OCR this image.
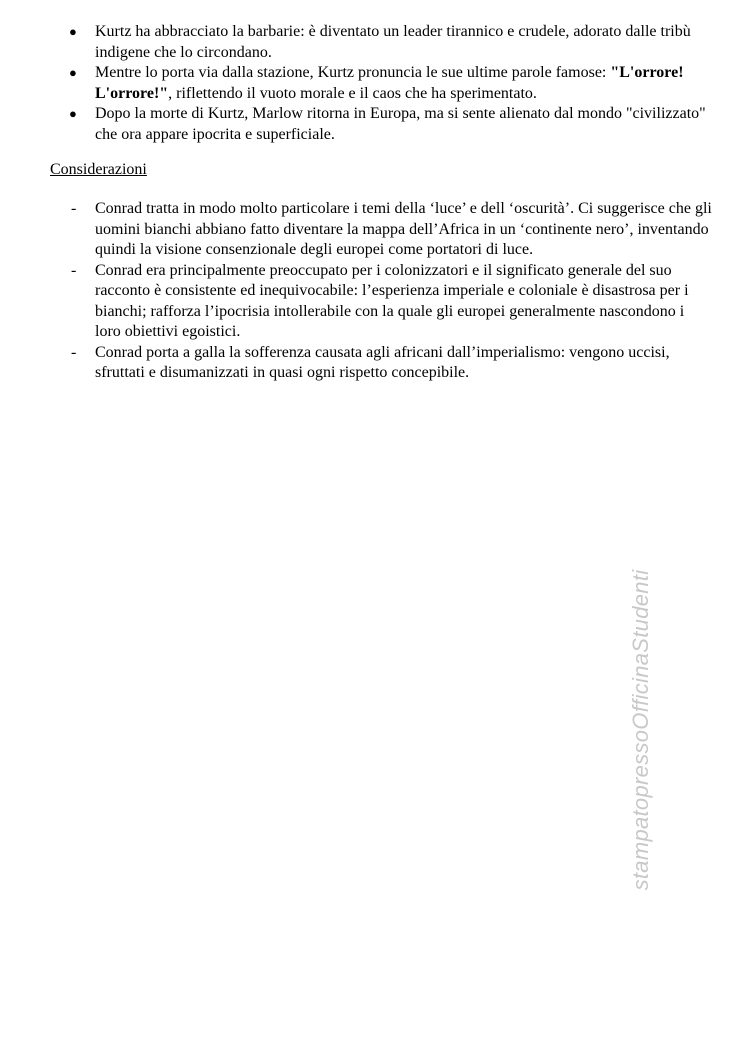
● Kurtz ha abbracciato la barbarie: è diventato un leader tirannico e crudele, adorato dalle tribù indigene che lo circondano.
● Mentre lo porta via dalla stazione, Kurtz pronuncia le sue ultime parole famose: "L'orrore! L'orrore!", riflettendo il vuoto morale e il caos che ha sperimentato.
● Dopo la morte di Kurtz, Marlow ritorna in Europa, ma si sente alienato dal mondo "civilizzato" che ora appare ipocrita e superficiale.
Considerazioni
- Conrad tratta in modo molto particolare i temi della ‘luce’ e dell ‘oscurità’. Ci suggerisce che gli uomini bianchi abbiano fatto diventare la mappa dell’Africa in un ‘continente nero’, inventando quindi la visione consenzionale degli europei come portatori di luce.
- Conrad era principalmente preoccupato per i colonizzatori e il significato generale del suo racconto è consistente ed inequivocabile: l’esperienza imperiale e coloniale è disastrosa per i bianchi; rafforza l’ipocrisia intollerabile con la quale gli europei generalmente nascondono i loro obiettivi egoistici.
- Conrad porta a galla la sofferenza causata agli africani dall’imperialismo: vengono uccisi, sfruttati e disumanizzati in quasi ogni rispetto concepibile.
stampatopressoOfficinaStudenti
